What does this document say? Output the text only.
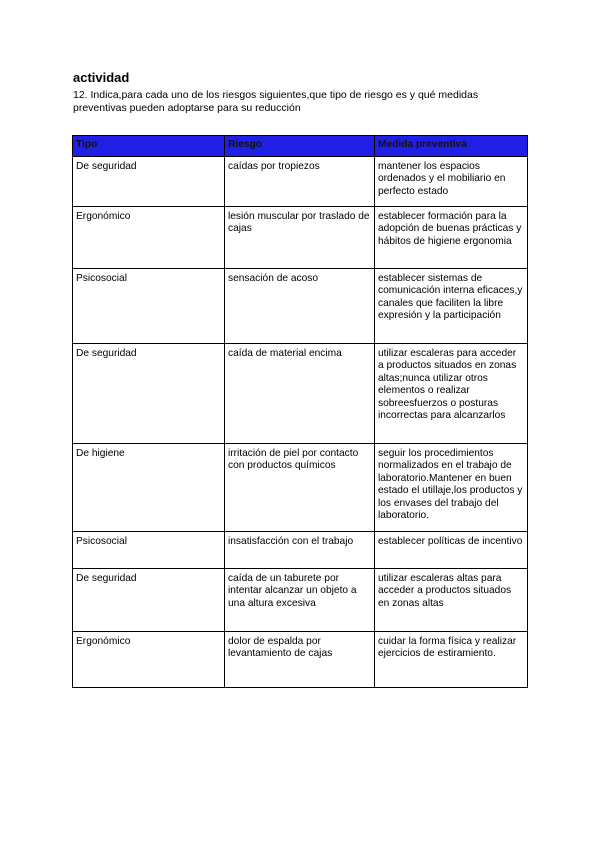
actividad
12. Indica,para cada uno de los riesgos siguientes,que tipo de riesgo es y qué medidas preventivas pueden adoptarse para su reducción
Tipo	Riesgo	Medida preventiva
De seguridad	caídas por tropiezos	mantener los espacios ordenados y el mobiliario en perfecto estado
Ergonómico	lesión muscular por traslado de cajas	establecer formación para la adopción de buenas prácticas y hábitos de higiene ergonomia
Psicosocial	sensación de acoso	establecer sistemas de comunicación interna eficaces,y canales que faciliten la libre expresión y la participación
De seguridad	caída de material encima	utilizar escaleras para acceder a productos situados en zonas altas;nunca utilizar otros elementos o realizar sobreesfuerzos o posturas incorrectas para alcanzarlos
De higiene	irritación de piel por contacto con productos químicos	seguir los procedimientos normalizados en el trabajo de laboratorio.Mantener en buen estado el utillaje,los productos y los envases del trabajo del laboratorio.
Psicosocial	insatisfacción con el trabajo	establecer políticas de incentivo
De seguridad	caída de un taburete por intentar alcanzar un objeto a una altura excesiva	utilizar escaleras altas para acceder a productos situados en zonas altas
Ergonómico	dolor de espalda por levantamiento de cajas	cuidar la forma física y realizar ejercicios de estiramiento.
